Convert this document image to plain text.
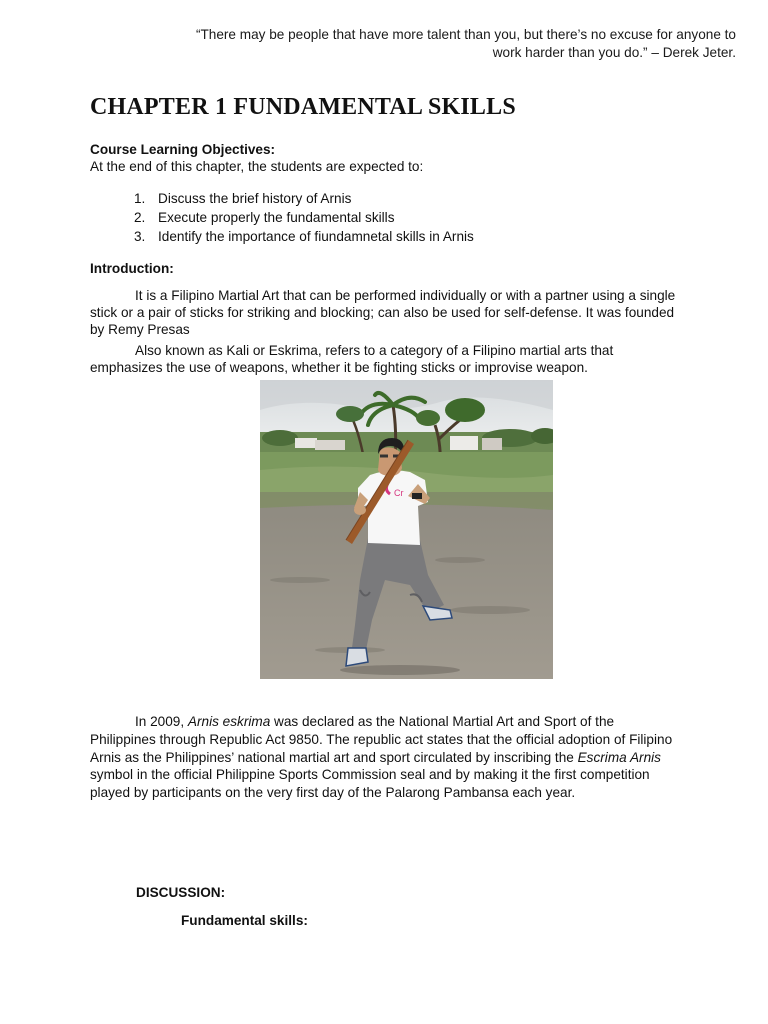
“There may be people that have more talent than you, but there’s no excuse for anyone to
work harder than you do.” – Derek Jeter.
CHAPTER 1 FUNDAMENTAL SKILLS
Course Learning Objectives:
At the end of this chapter, the students are expected to:
1. Discuss the brief history of Arnis
2. Execute properly the fundamental skills
3. Identify the importance of fiundamnetal skills in Arnis
Introduction:

It is a Filipino Martial Art that can be performed individually or with a partner using a single stick or a pair of sticks for striking and blocking; can also be used for self-defense. It was founded by Remy Presas

Also known as Kali or Eskrima, refers to a category of a Filipino martial arts that emphasizes the use of weapons, whether it be fighting sticks or improvise weapon.

Cr

In 2009, Arnis eskrima was declared as the National Martial Art and Sport of the Philippines through Republic Act 9850. The republic act states that the official adoption of Filipino Arnis as the Philippines’ national martial art and sport circulated by inscribing the Escrima Arnis symbol in the official Philippine Sports Commission seal and by making it the first competition played by participants on the very first day of the Palarong Pambansa each year.

DISCUSSION:
Fundamental skills:
